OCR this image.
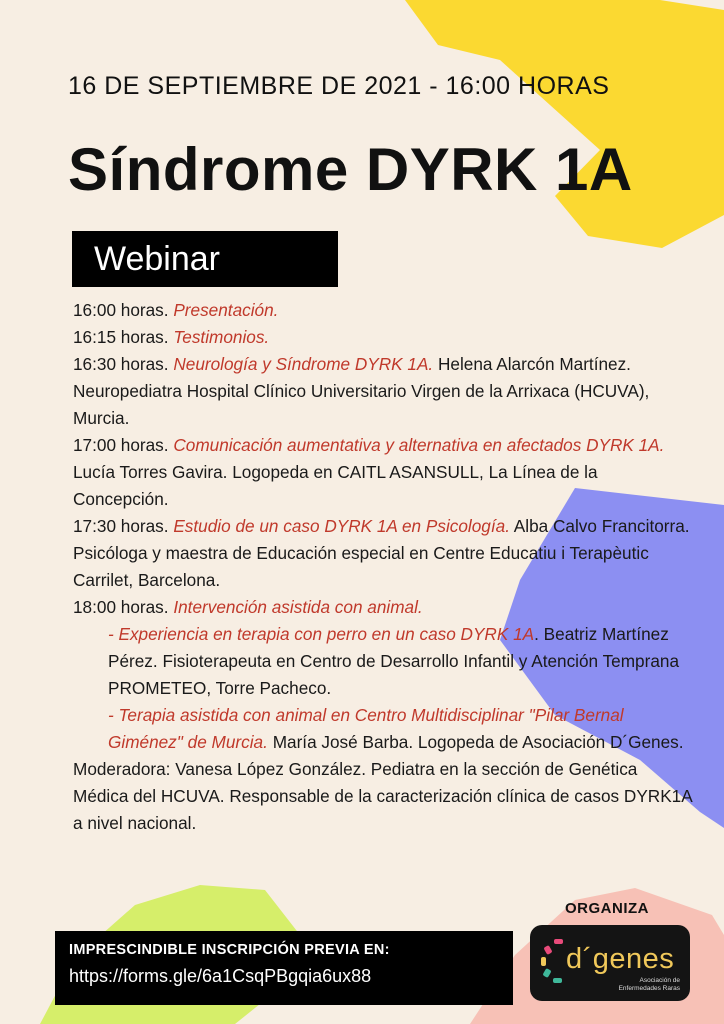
16 DE SEPTIEMBRE DE 2021 - 16:00 HORAS
Síndrome DYRK 1A
Webinar

16:00 horas. Presentación.

16:15 horas. Testimonios.

16:30 horas. Neurología y Síndrome DYRK 1A. Helena Alarcón Martínez. Neuropediatra Hospital Clínico Universitario Virgen de la Arrixaca (HCUVA), Murcia.

17:00 horas. Comunicación aumentativa y alternativa en afectados DYRK 1A. Lucía Torres Gavira. Logopeda en CAITL ASANSULL, La Línea de la Concepción.

17:30 horas. Estudio de un caso DYRK 1A en Psicología. Alba Calvo Francitorra. Psicóloga y maestra de Educación especial en Centre Educatiu i Terapèutic Carrilet, Barcelona.

18:00 horas. Intervención asistida con animal.

- Experiencia en terapia con perro en un caso DYRK 1A. Beatriz Martínez Pérez. Fisioterapeuta en Centro de Desarrollo Infantil y Atención Temprana PROMETEO, Torre Pacheco.

- Terapia asistida con animal en Centro Multidisciplinar "Pilar Bernal Giménez" de Murcia. María José Barba. Logopeda de Asociación D´Genes.

Moderadora: Vanesa López González. Pediatra en la sección de Genética Médica del HCUVA. Responsable de la caracterización clínica de casos DYRK1A a nivel nacional.

ORGANIZA
IMPRESCINDIBLE INSCRIPCIÓN PREVIA EN:
https://forms.gle/6a1CsqPBgqia6ux88
d´genes
Asociación de
Enfermedades Raras
